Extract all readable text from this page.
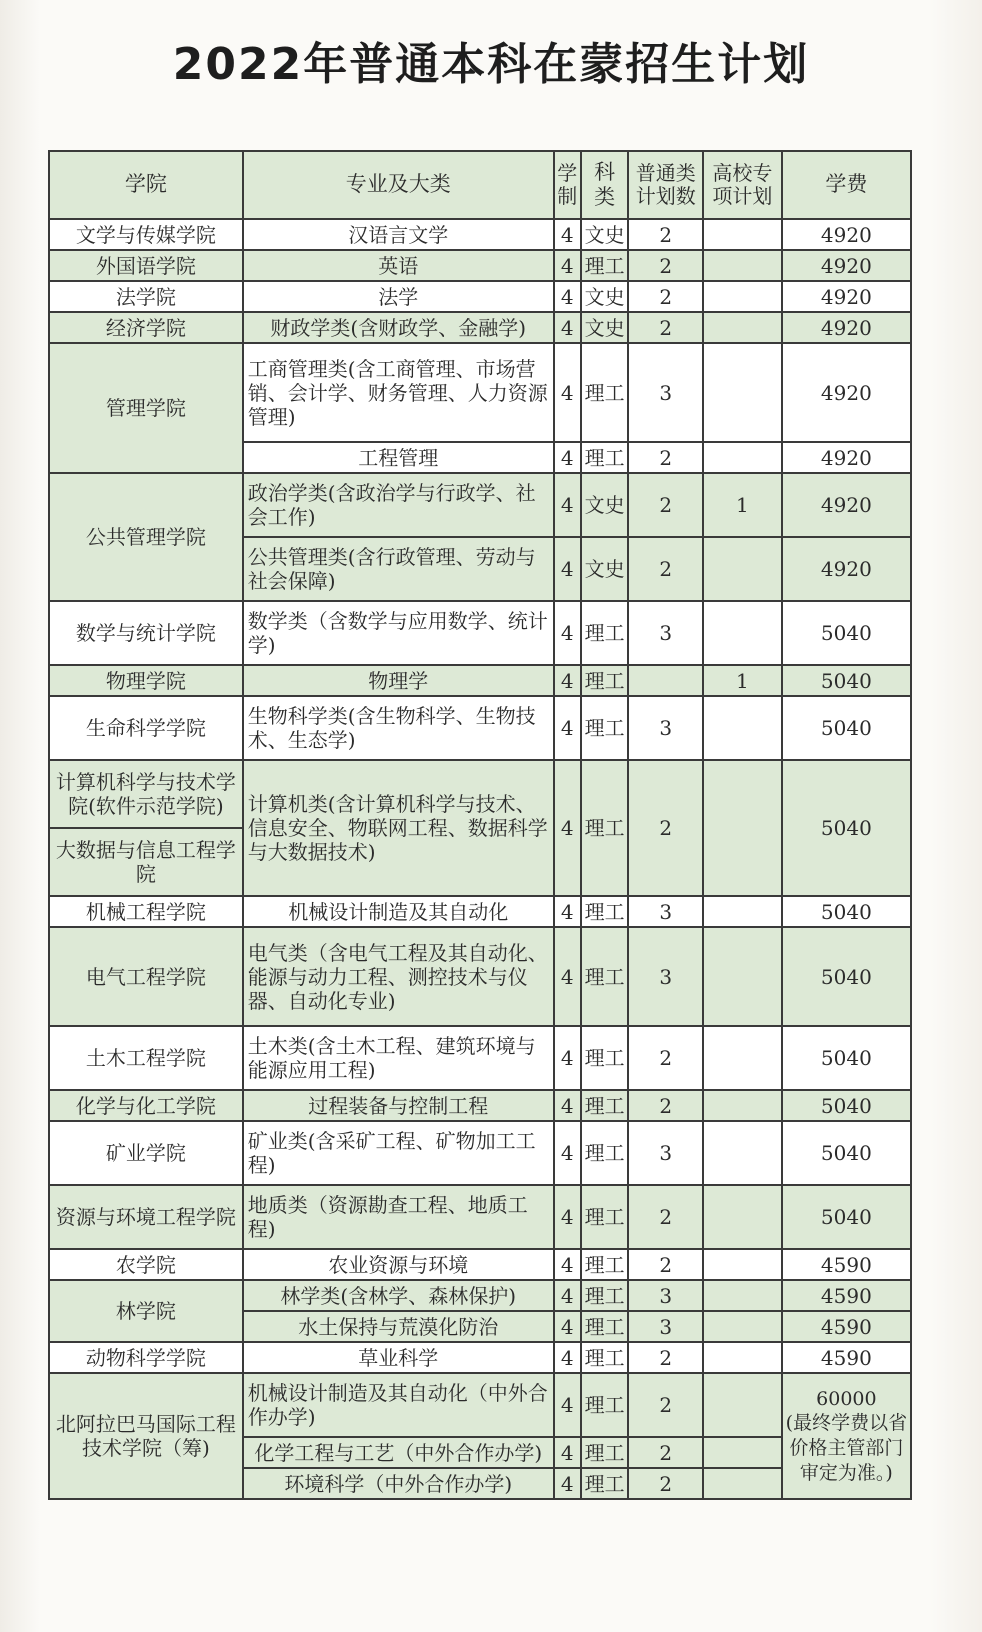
2022年普通本科在蒙招生计划
学院	专业及大类	学制	科类	普通类计划数	高校专项计划	学费
文学与传媒学院	汉语言文学	4	文史	2		4920
外国语学院	英语	4	理工	2		4920
法学院	法学	4	文史	2		4920
经济学院	财政学类(含财政学、金融学)	4	文史	2		4920
管理学院	工商管理类(含工商管理、市场营销、会计学、财务管理、人力资源管理)	4	理工	3		4920
	工程管理	4	理工	2		4920
公共管理学院	政治学类(含政治学与行政学、社会工作)	4	文史	2	1	4920
	公共管理类(含行政管理、劳动与社会保障)	4	文史	2		4920
数学与统计学院	数学类（含数学与应用数学、统计学)	4	理工	3		5040
物理学院	物理学	4	理工		1	5040
生命科学学院	生物科学类(含生物科学、生物技术、生态学)	4	理工	3		5040
计算机科学与技术学院(软件示范学院)	计算机类(含计算机科学与技术、信息安全、物联网工程、数据科学与大数据技术)	4	理工	2		5040
大数据与信息工程学院						
机械工程学院	机械设计制造及其自动化	4	理工	3		5040
电气工程学院	电气类（含电气工程及其自动化、能源与动力工程、测控技术与仪器、自动化专业)	4	理工	3		5040
土木工程学院	土木类(含土木工程、建筑环境与能源应用工程)	4	理工	2		5040
化学与化工学院	过程装备与控制工程	4	理工	2		5040
矿业学院	矿业类(含采矿工程、矿物加工工程)	4	理工	3		5040
资源与环境工程学院	地质类（资源勘查工程、地质工程)	4	理工	2		5040
农学院	农业资源与环境	4	理工	2		4590
林学院	林学类(含林学、森林保护)	4	理工	3		4590
	水土保持与荒漠化防治	4	理工	3		4590
动物科学学院	草业科学	4	理工	2		4590
北阿拉巴马国际工程技术学院（筹)	机械设计制造及其自动化（中外合作办学)	4	理工	2		60000
(最终学费以省价格主管部门审定为准。)

	化学工程与工艺（中外合作办学)	4	理工	2		
	环境科学（中外合作办学)	4	理工	2		
